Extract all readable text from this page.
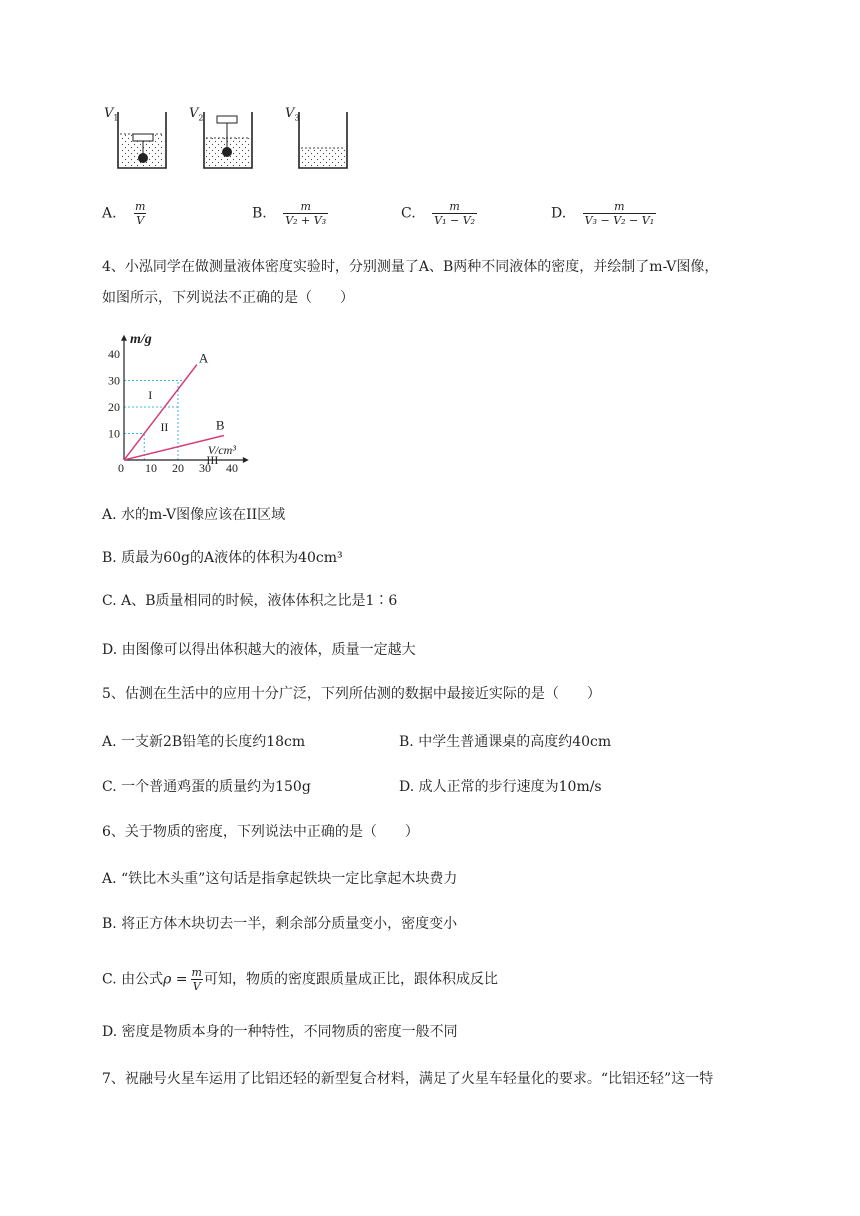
$V_1$	$V_2$	$V_3$
A. $\frac{m}{V}$	B. $\frac{m}{\text{V₂ + V₃}}$	C. $\frac{m}{\text{V₁ − V₂}}$	D. $\frac{m}{\text{V₃ − V₂ − V₁}}$
4、小泓同学在做测量液体密度实验时，分别测量了A、B两种不同液体的密度，并绘制了m-V图像，
如图所示，下列说法不正确的是（　　）
0 10 20 30 40
10
20
30
40
m/g
V/cm³
A
B
I
II
III
A. 水的m-V图像应该在II区域
B. 质最为60g的A液体的体积为40cm³
C. A、B质量相同的时候，液体体积之比是1∶6
D. 由图像可以得出体积越大的液体，质量一定越大
5、估测在生活中的应用十分广泛，下列所估测的数据中最接近实际的是（　　）
A. 一支新2B铅笔的长度约18cm	B. 中学生普通课桌的高度约40cm
C. 一个普通鸡蛋的质量约为150g	D. 成人正常的步行速度为10m/s
6、关于物质的密度，下列说法中正确的是（　　）
A. “铁比木头重”这句话是指拿起铁块一定比拿起木块费力
B. 将正方体木块切去一半，剩余部分质量变小，密度变小
C. 由公式$\rho = \frac{m}{V}$ 可知，物质的密度跟质量成正比，跟体积成反比
D. 密度是物质本身的一种特性，不同物质的密度一般不同
7、祝融号火星车运用了比铝还轻的新型复合材料，满足了火星车轻量化的要求。“比铝还轻”这一特
